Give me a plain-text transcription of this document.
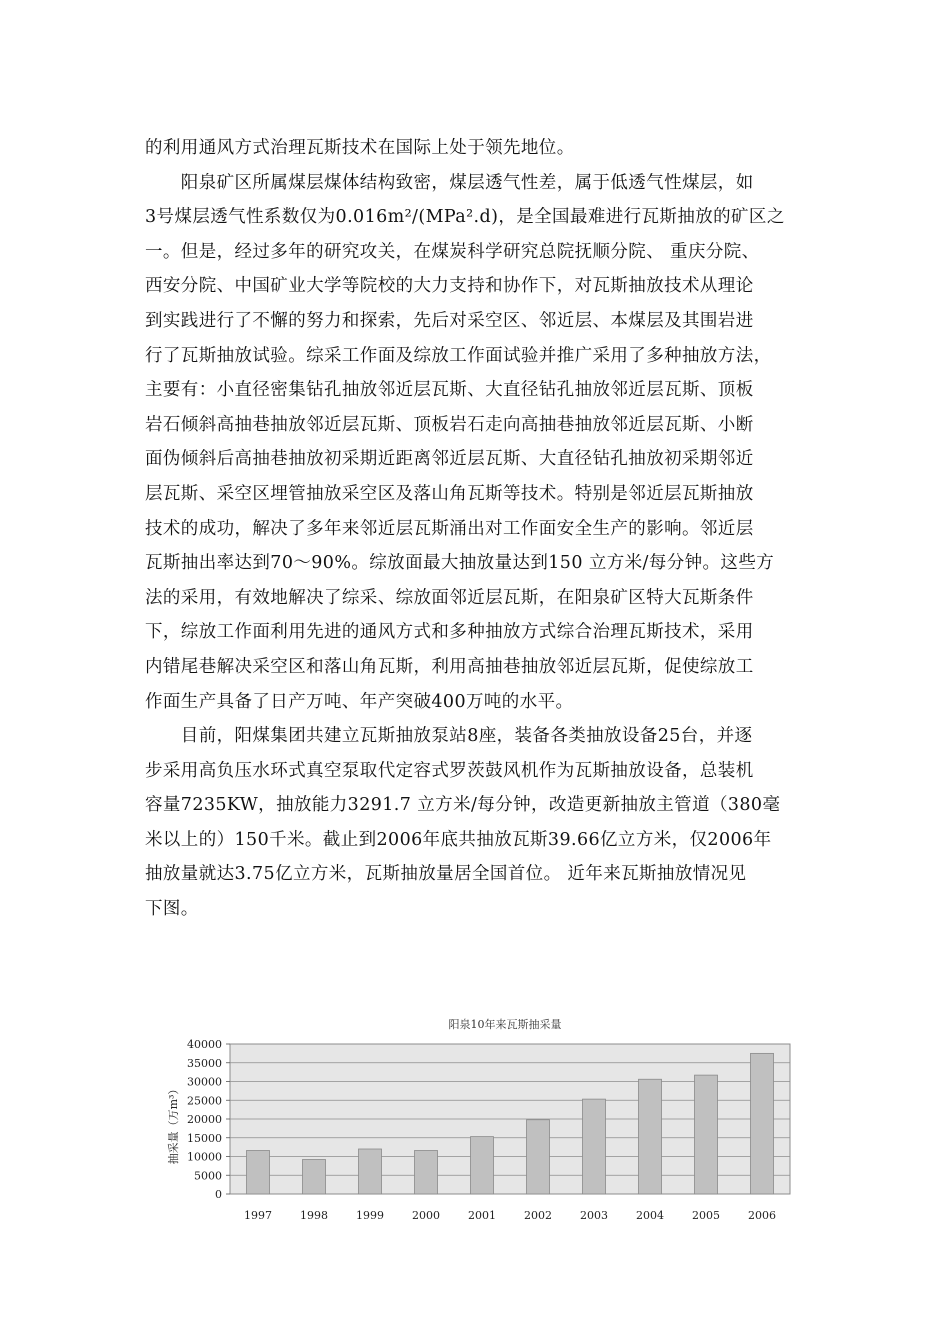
的利用通风方式治理瓦斯技术在国际上处于领先地位。
　　阳泉矿区所属煤层煤体结构致密，煤层透气性差，属于低透气性煤层，如
3号煤层透气性系数仅为0.016m²/(MPa².d)，是全国最难进行瓦斯抽放的矿区之
一。但是，经过多年的研究攻关，在煤炭科学研究总院抚顺分院、 重庆分院、
西安分院、中国矿业大学等院校的大力支持和协作下，对瓦斯抽放技术从理论
到实践进行了不懈的努力和探索，先后对采空区、邻近层、本煤层及其围岩进
行了瓦斯抽放试验。综采工作面及综放工作面试验并推广采用了多种抽放方法，
主要有：小直径密集钻孔抽放邻近层瓦斯、大直径钻孔抽放邻近层瓦斯、顶板
岩石倾斜高抽巷抽放邻近层瓦斯、顶板岩石走向高抽巷抽放邻近层瓦斯、小断
面伪倾斜后高抽巷抽放初采期近距离邻近层瓦斯、大直径钻孔抽放初采期邻近
层瓦斯、采空区埋管抽放采空区及落山角瓦斯等技术。特别是邻近层瓦斯抽放
技术的成功，解决了多年来邻近层瓦斯涌出对工作面安全生产的影响。邻近层
瓦斯抽出率达到70～90%。综放面最大抽放量达到150 立方米/每分钟。这些方
法的采用，有效地解决了综采、综放面邻近层瓦斯，在阳泉矿区特大瓦斯条件
下，综放工作面利用先进的通风方式和多种抽放方式综合治理瓦斯技术，采用
内错尾巷解决采空区和落山角瓦斯，利用高抽巷抽放邻近层瓦斯，促使综放工
作面生产具备了日产万吨、年产突破400万吨的水平。
　　目前，阳煤集团共建立瓦斯抽放泵站8座，装备各类抽放设备25台，并逐
步采用高负压水环式真空泵取代定容式罗茨鼓风机作为瓦斯抽放设备，总装机
容量7235KW，抽放能力3291.7 立方米/每分钟，改造更新抽放主管道（380毫
米以上的）150千米。截止到2006年底共抽放瓦斯39.66亿立方米，仅2006年
抽放量就达3.75亿立方米，瓦斯抽放量居全国首位。 近年来瓦斯抽放情况见
下图。
阳泉10年来瓦斯抽采量
40000
35000
30000
25000
20000
15000
10000
5000
0
抽采量（万m³）
1997	1998	1999	2000	2001	2002	2003	2004	2005	2006
